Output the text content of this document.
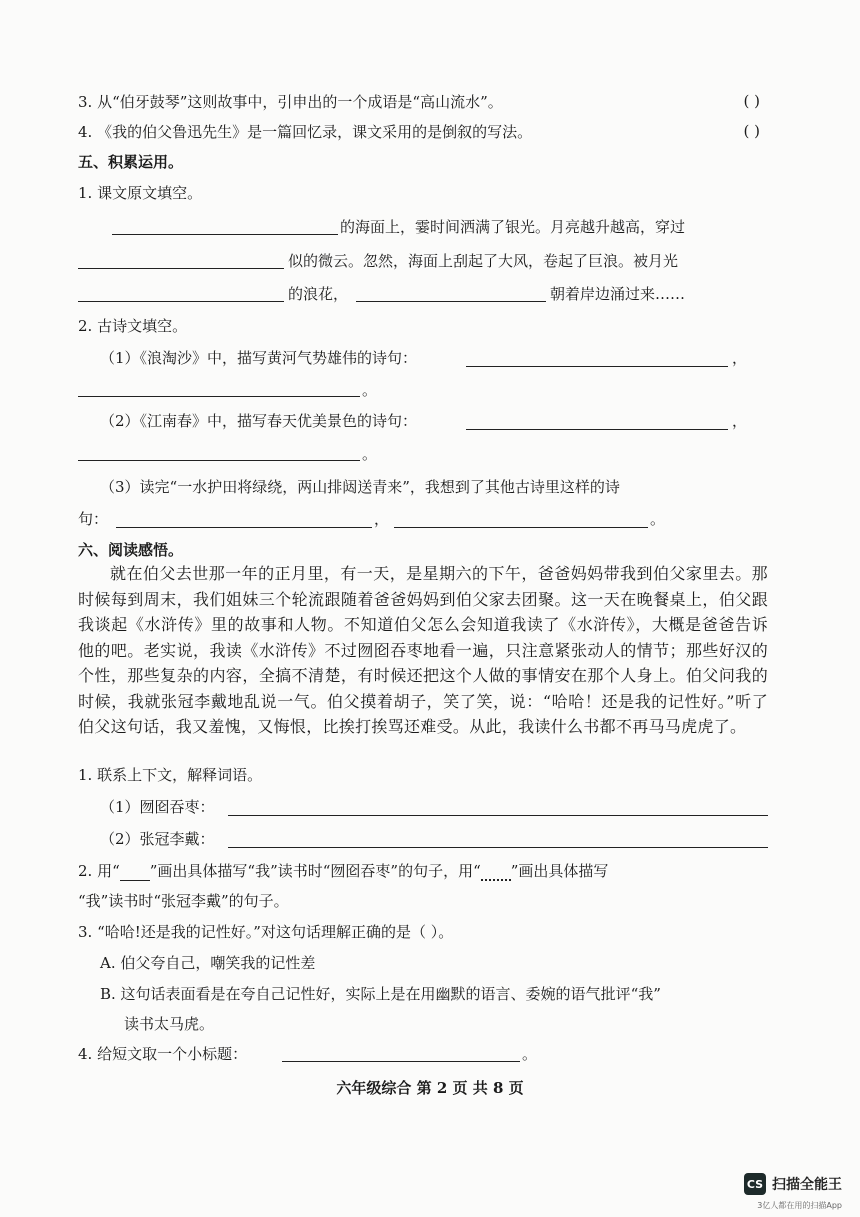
3. 从“伯牙鼓琴”这则故事中，引申出的一个成语是“高山流水”。	( )
4. 《我的伯父鲁迅先生》是一篇回忆录，课文采用的是倒叙的写法。	( )
五、积累运用。
1. 课文原文填空。
的海面上，霎时间洒满了银光。月亮越升越高，穿过
似的微云。忽然，海面上刮起了大风，卷起了巨浪。被月光
的浪花，	朝着岸边涌过来……
2. 古诗文填空。
（1）《浪淘沙》中，描写黄河气势雄伟的诗句：	，
。
（2）《江南春》中，描写春天优美景色的诗句：	，
。
（3）读完“一水护田将绿绕，两山排闼送青来”，我想到了其他古诗里这样的诗
句：	，	。
六、阅读感悟。

就在伯父去世那一年的正月里，有一天，是星期六的下午，爸爸妈妈带我到伯父家里去。那时候每到周末，我们姐妹三个轮流跟随着爸爸妈妈到伯父家去团聚。这一天在晚餐桌上，伯父跟我谈起《水浒传》里的故事和人物。不知道伯父怎么会知道我读了《水浒传》，大概是爸爸告诉他的吧。老实说，我读《水浒传》不过囫囵吞枣地看一遍，只注意紧张动人的情节；那些好汉的个性，那些复杂的内容，全搞不清楚，有时候还把这个人做的事情安在那个人身上。伯父问我的时候，我就张冠李戴地乱说一气。伯父摸着胡子，笑了笑，说：“哈哈！还是我的记性好。”听了伯父这句话，我又羞愧，又悔恨，比挨打挨骂还难受。从此，我读什么书都不再马马虎虎了。

1. 联系上下文，解释词语。
（1）囫囵吞枣：
（2）张冠李戴：
2. 用“ ”画出具体描写“我”读书时“囫囵吞枣”的句子，用“ ”画出具体描写
“我”读书时“张冠李戴”的句子。
3. “哈哈!还是我的记性好。”对这句话理解正确的是（ ）。
A. 伯父夸自己，嘲笑我的记性差
B. 这句话表面看是在夸自己记性好，实际上是在用幽默的语言、委婉的语气批评“我”
读书太马虎。
4. 给短文取一个小标题：	。
六年级综合 第 2 页 共 8 页
CS 扫描全能王
3亿人都在用的扫描App
